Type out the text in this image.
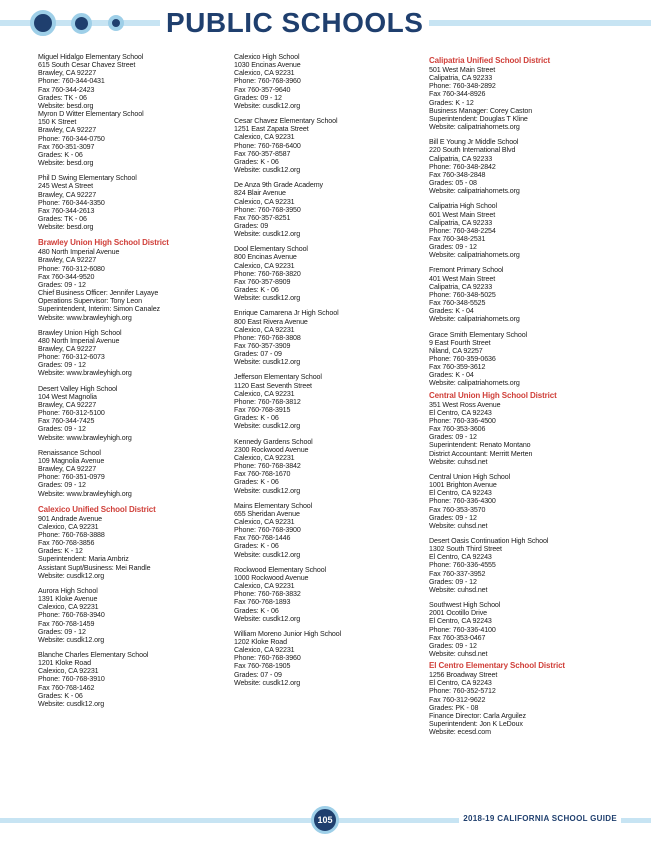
PUBLIC SCHOOLS
Miguel Hidalgo Elementary School
615 South Cesar Chavez Street
Brawley, CA 92227
Phone: 760-344-0431
Fax 760-344-2423
Grades: TK - 06
Website: besd.org
Myron D Witter Elementary School
150 K Street
Brawley, CA 92227
Phone: 760-344-0750
Fax 760-351-3097
Grades: K - 06
Website: besd.org
Phil D Swing Elementary School
245 West A Street
Brawley, CA 92227
Phone: 760-344-3350
Fax 760-344-2613
Grades: TK - 06
Website: besd.org
Brawley Union High School District
480 North Imperial Avenue
Brawley, CA 92227
Phone: 760-312-6080
Fax 760-344-9520
Grades: 09 - 12
Chief Business Officer: Jennifer Layaye
Operations Supervisor: Tony Leon
Superintendent, Interim: Simon Canalez
Website: www.brawleyhigh.org
Brawley Union High School
480 North Imperial Avenue
Brawley, CA 92227
Phone: 760-312-6073
Grades: 09 - 12
Website: www.brawleyhigh.org
Desert Valley High School
104 West Magnolia
Brawley, CA 92227
Phone: 760-312-5100
Fax 760-344-7425
Grades: 09 - 12
Website: www.brawleyhigh.org
Renaissance School
109 Magnolia Avenue
Brawley, CA 92227
Phone: 760-351-0979
Grades: 09 - 12
Website: www.brawleyhigh.org
Calexico Unified School District
901 Andrade Avenue
Calexico, CA 92231
Phone: 760-768-3888
Fax 760-768-3856
Grades: K - 12
Superintendent: Maria Ambriz
Assistant Supt/Business: Mei Randle
Website: cusdk12.org
Aurora High School
1391 Kloke Avenue
Calexico, CA 92231
Phone: 760-768-3940
Fax 760-768-1459
Grades: 09 - 12
Website: cusdk12.org
Blanche Charles Elementary School
1201 Kloke Road
Calexico, CA 92231
Phone: 760-768-3910
Fax 760-768-1462
Grades: K - 06
Website: cusdk12.org
Calexico High School
1030 Encinas Avenue
Calexico, CA 92231
Phone: 760-768-3960
Fax 760-357-9640
Grades: 09 - 12
Website: cusdk12.org
Cesar Chavez Elementary School
1251 East Zapata Street
Calexico, CA 92231
Phone: 760-768-6400
Fax 760-357-8587
Grades: K - 06
Website: cusdk12.org
De Anza 9th Grade Academy
824 Blair Avenue
Calexico, CA 92231
Phone: 760-768-3950
Fax 760-357-8251
Grades: 09
Website: cusdk12.org
Dool Elementary School
800 Encinas Avenue
Calexico, CA 92231
Phone: 760-768-3820
Fax 760-357-8909
Grades: K - 06
Website: cusdk12.org
Enrique Camarena Jr High School
800 East Rivera Avenue
Calexico, CA 92231
Phone: 760-768-3808
Fax 760-357-3909
Grades: 07 - 09
Website: cusdk12.org
Jefferson Elementary School
1120 East Seventh Street
Calexico, CA 92231
Phone: 760-768-3812
Fax 760-768-3915
Grades: K - 06
Website: cusdk12.org
Kennedy Gardens School
2300 Rockwood Avenue
Calexico, CA 92231
Phone: 760-768-3842
Fax 760-768-1670
Grades: K - 06
Website: cusdk12.org
Mains Elementary School
655 Sheridan Avenue
Calexico, CA 92231
Phone: 760-768-3900
Fax 760-768-1446
Grades: K - 06
Website: cusdk12.org
Rockwood Elementary School
1000 Rockwood Avenue
Calexico, CA 92231
Phone: 760-768-3832
Fax 760-768-1893
Grades: K - 06
Website: cusdk12.org
William Moreno Junior High School
1202 Kloke Road
Calexico, CA 92231
Phone: 760-768-3960
Fax 760-768-1905
Grades: 07 - 09
Website: cusdk12.org
Calipatria Unified School District
501 West Main Street
Calipatria, CA 92233
Phone: 760-348-2892
Fax 760-344-8926
Grades: K - 12
Business Manager: Corey Caston
Superintendent: Douglas T Kline
Website: calipatriahornets.org
Bill E Young Jr Middle School
220 South International Blvd
Calipatria, CA 92233
Phone: 760-348-2842
Fax 760-348-2848
Grades: 05 - 08
Website: calipatriahornets.org
Calipatria High School
601 West Main Street
Calipatria, CA 92233
Phone: 760-348-2254
Fax 760-348-2531
Grades: 09 - 12
Website: calipatriahornets.org
Fremont Primary School
401 West Main Street
Calipatria, CA 92233
Phone: 760-348-5025
Fax 760-348-5525
Grades: K - 04
Website: calipatriahornets.org
Grace Smith Elementary School
9 East Fourth Street
Niland, CA 92257
Phone: 760-359-0636
Fax 760-359-3612
Grades: K - 04
Website: calipatriahornets.org
Central Union High School District
351 West Ross Avenue
El Centro, CA 92243
Phone: 760-336-4500
Fax 760-353-3606
Grades: 09 - 12
Superintendent: Renato Montano
District Accountant: Merritt Merten
Website: cuhsd.net
Central Union High School
1001 Brighton Avenue
El Centro, CA 92243
Phone: 760-336-4300
Fax 760-353-3570
Grades: 09 - 12
Website: cuhsd.net
Desert Oasis Continuation High School
1302 South Third Street
El Centro, CA 92243
Phone: 760-336-4555
Fax 760-337-3952
Grades: 09 - 12
Website: cuhsd.net
Southwest High School
2001 Ocotillo Drive
El Centro, CA 92243
Phone: 760-336-4100
Fax 760-353-0467
Grades: 09 - 12
Website: cuhsd.net
El Centro Elementary School District
1256 Broadway Street
El Centro, CA 92243
Phone: 760-352-5712
Fax 760-312-9622
Grades: PK - 08
Finance Director: Carla Arguilez
Superintendent: Jon K LeDoux
Website: ecesd.com
105	2018-19 CALIFORNIA SCHOOL GUIDE
